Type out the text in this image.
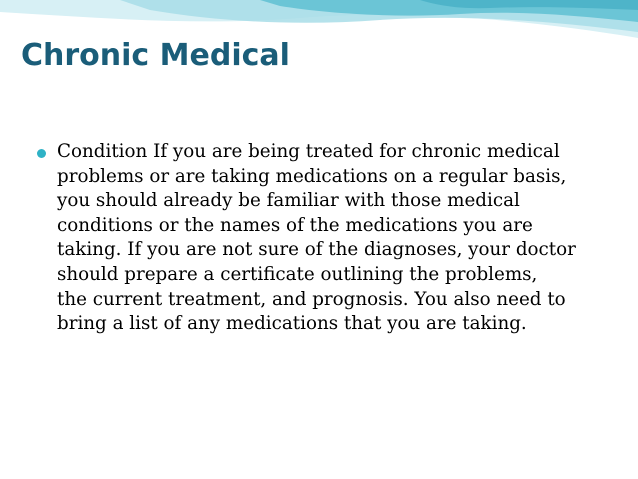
Chronic Medical
Condition If you are being treated for chronic medical
problems or are taking medications on a regular basis,
you should already be familiar with those medical
conditions or the names of the medications you are
taking. If you are not sure of the diagnoses, your doctor
should prepare a certificate outlining the problems,
the current treatment, and prognosis. You also need to
bring a list of any medications that you are taking.
